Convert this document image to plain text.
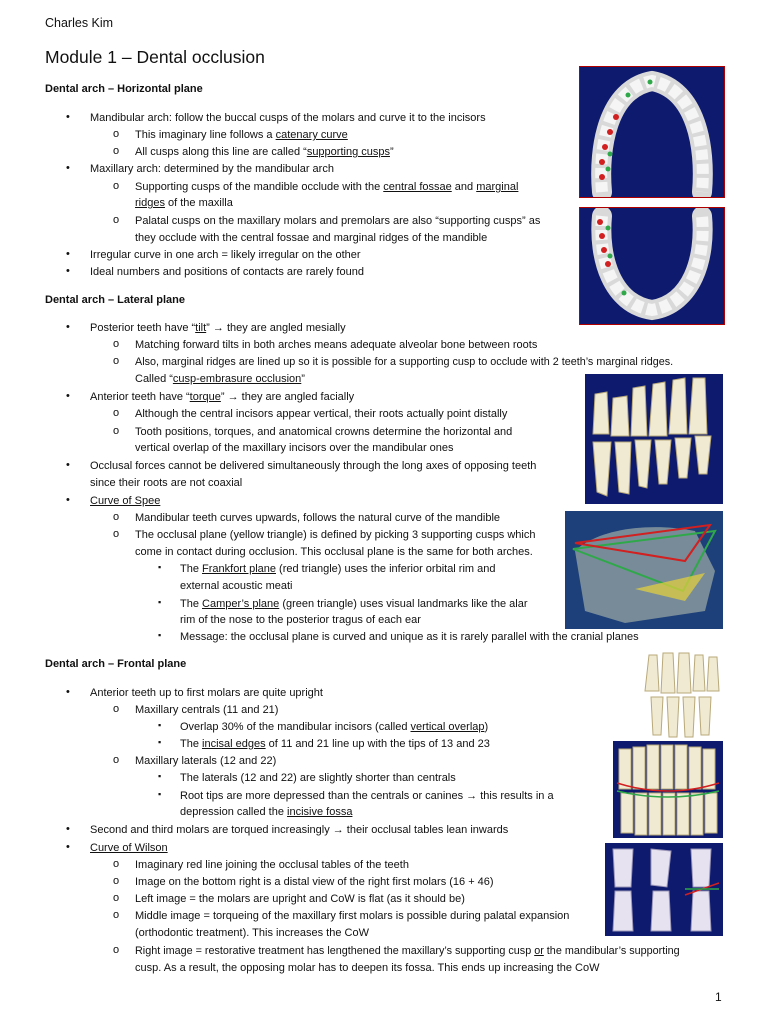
Charles Kim
Module 1 – Dental occlusion
Dental arch – Horizontal plane
• Mandibular arch: follow the buccal cusps of the molars and curve it to the incisors
o This imaginary line follows a catenary curve
o All cusps along this line are called “supporting cusps”
• Maxillary arch: determined by the mandibular arch
o Supporting cusps of the mandible occlude with the central fossae and marginal
ridges of the maxilla
o Palatal cusps on the maxillary molars and premolars are also “supporting cusps” as
they occlude with the central fossae and marginal ridges of the mandible
• Irregular curve in one arch = likely irregular on the other
• Ideal numbers and positions of contacts are rarely found
Dental arch – Lateral plane
• Posterior teeth have “tilt” → they are angled mesially
o Matching forward tilts in both arches means adequate alveolar bone between roots
o Also, marginal ridges are lined up so it is possible for a supporting cusp to occlude with 2 teeth’s marginal ridges.
Called “cusp-embrasure occlusion”
• Anterior teeth have “torque” → they are angled facially
o Although the central incisors appear vertical, their roots actually point distally
o Tooth positions, torques, and anatomical crowns determine the horizontal and
vertical overlap of the maxillary incisors over the mandibular ones
• Occlusal forces cannot be delivered simultaneously through the long axes of opposing teeth
since their roots are not coaxial
• Curve of Spee
o Mandibular teeth curves upwards, follows the natural curve of the mandible
o The occlusal plane (yellow triangle) is defined by picking 3 supporting cusps which
come in contact during occlusion. This occlusal plane is the same for both arches.
▪ The Frankfort plane (red triangle) uses the inferior orbital rim and
external acoustic meati
▪ The Camper’s plane (green triangle) uses visual landmarks like the alar
rim of the nose to the posterior tragus of each ear
▪ Message: the occlusal plane is curved and unique as it is rarely parallel with the cranial planes
Dental arch – Frontal plane
• Anterior teeth up to first molars are quite upright
o Maxillary centrals (11 and 21)
▪ Overlap 30% of the mandibular incisors (called vertical overlap)
▪ The incisal edges of 11 and 21 line up with the tips of 13 and 23
o Maxillary laterals (12 and 22)
▪ The laterals (12 and 22) are slightly shorter than centrals
▪ Root tips are more depressed than the centrals or canines → this results in a
depression called the incisive fossa
• Second and third molars are torqued increasingly → their occlusal tables lean inwards
• Curve of Wilson
o Imaginary red line joining the occlusal tables of the teeth
o Image on the bottom right is a distal view of the right first molars (16 + 46)
o Left image = the molars are upright and CoW is flat (as it should be)
o Middle image = torqueing of the maxillary first molars is possible during palatal expansion
(orthodontic treatment). This increases the CoW
o Right image = restorative treatment has lengthened the maxillary’s supporting cusp or the mandibular’s supporting
cusp. As a result, the opposing molar has to deepen its fossa. This ends up increasing the CoW
1
